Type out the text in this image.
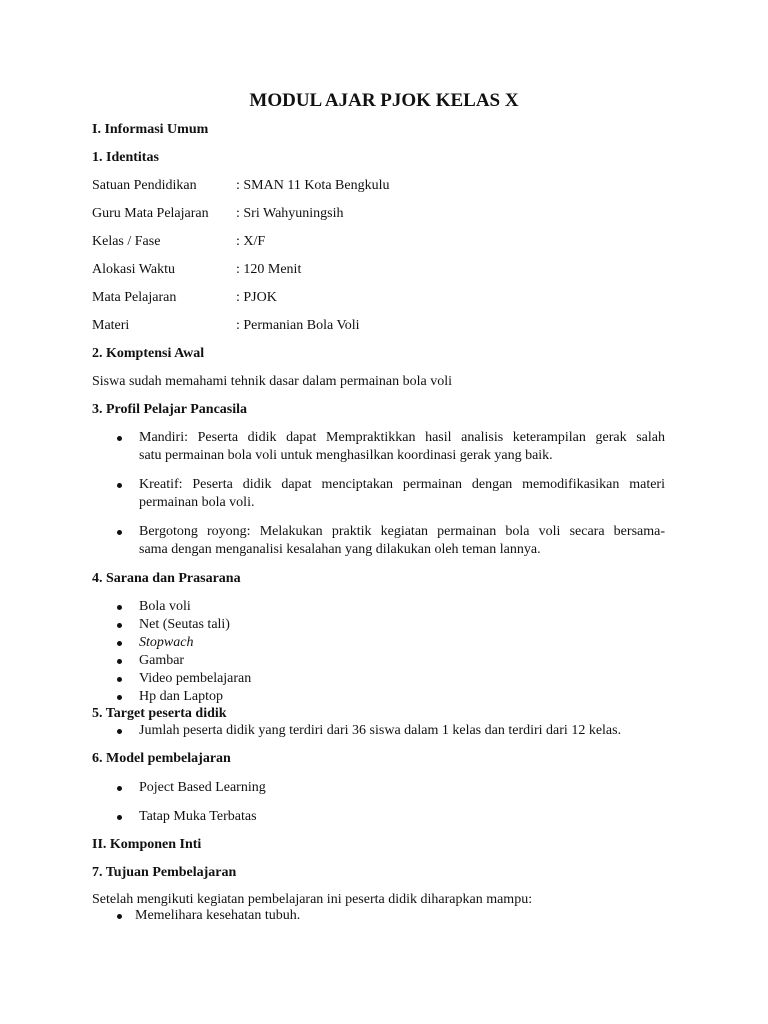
MODUL AJAR PJOK KELAS X
I. Informasi Umum
1. Identitas
Satuan Pendidikan	: SMAN 11 Kota Bengkulu
Guru Mata Pelajaran : Sri Wahyuningsih
Kelas / Fase	: X/F
Alokasi Waktu	: 120 Menit
Mata Pelajaran	: PJOK
Materi	: Permanian Bola Voli
2. Komptensi Awal
Siswa sudah memahami tehnik dasar dalam permainan bola voli
3. Profil Pelajar Pancasila
Mandiri: Peserta didik dapat Mempraktikkan hasil analisis keterampilan gerak salah
satu permainan bola voli untuk menghasilkan koordinasi gerak yang baik.
Kreatif: Peserta didik dapat menciptakan permainan dengan memodifikasikan materi
permainan bola voli.
Bergotong royong: Melakukan praktik kegiatan permainan bola voli secara bersama-
sama dengan menganalisi kesalahan yang dilakukan oleh teman lannya.
4. Sarana dan Prasarana
Bola voli
Net (Seutas tali)
Stopwach
Gambar
Video pembelajaran
Hp dan Laptop
5. Target peserta didik
Jumlah peserta didik yang terdiri dari 36 siswa dalam 1 kelas dan terdiri dari 12 kelas.
6. Model pembelajaran
Poject Based Learning
Tatap Muka Terbatas
II. Komponen Inti
7. Tujuan Pembelajaran
Setelah mengikuti kegiatan pembelajaran ini peserta didik diharapkan mampu:
Memelihara kesehatan tubuh.
